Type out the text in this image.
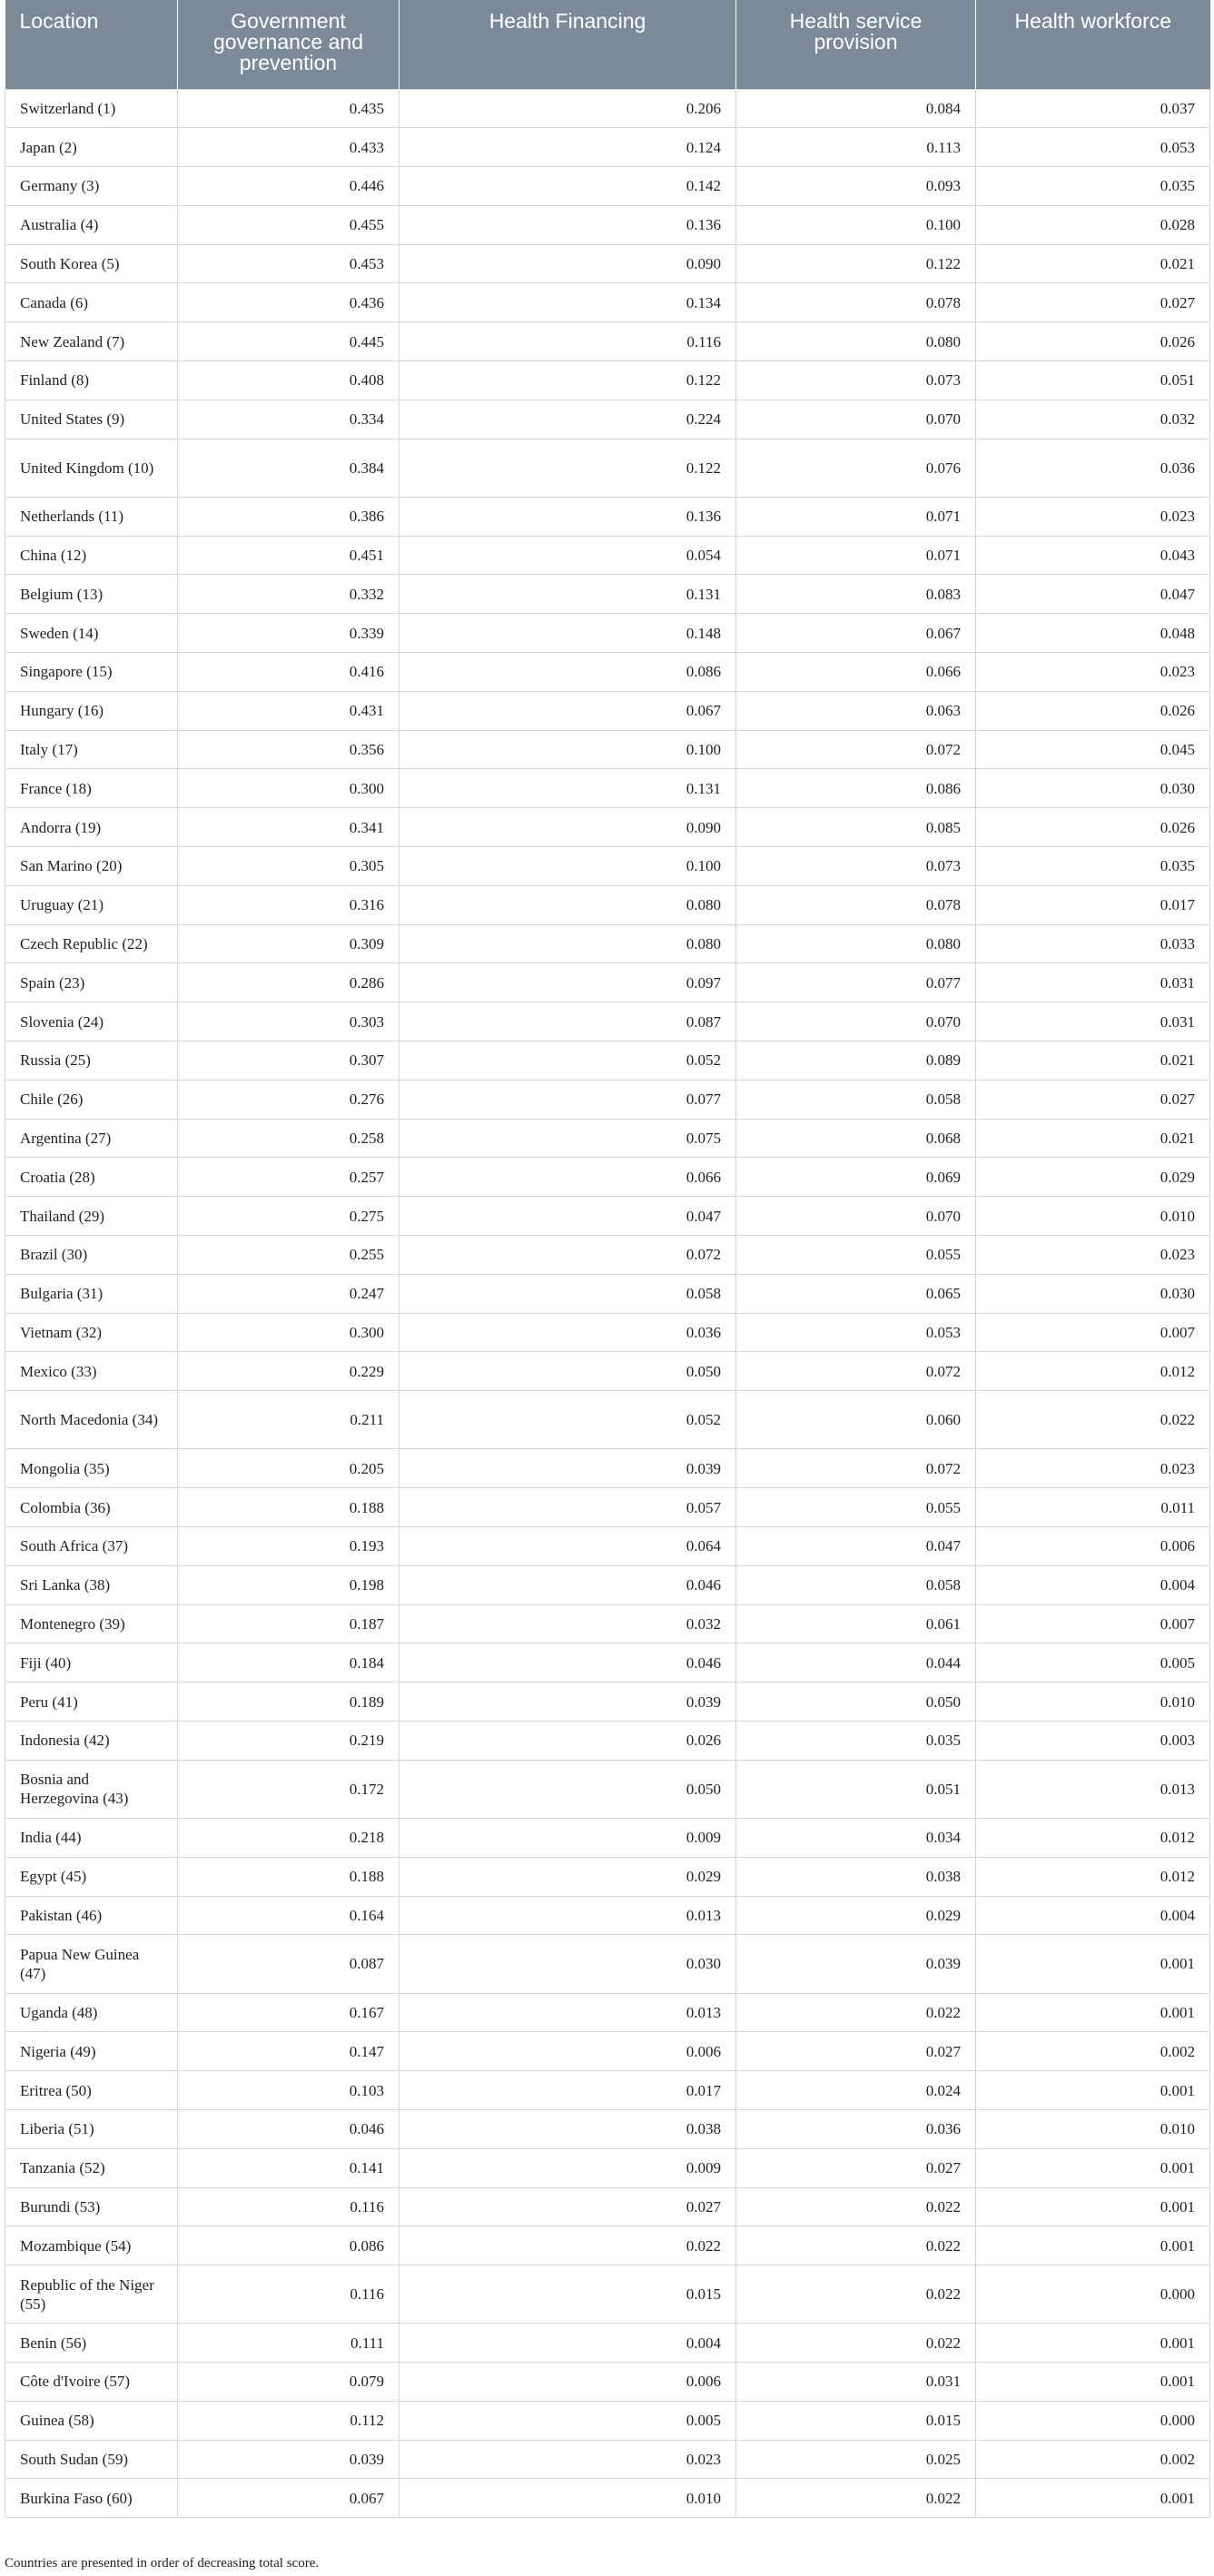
Location	Government governance and prevention	Health Financing	Health service provision	Health workforce
Switzerland (1)	0.435	0.206	0.084	0.037
Japan (2)	0.433	0.124	0.113	0.053
Germany (3)	0.446	0.142	0.093	0.035
Australia (4)	0.455	0.136	0.100	0.028
South Korea (5)	0.453	0.090	0.122	0.021
Canada (6)	0.436	0.134	0.078	0.027
New Zealand (7)	0.445	0.116	0.080	0.026
Finland (8)	0.408	0.122	0.073	0.051
United States (9)	0.334	0.224	0.070	0.032
United Kingdom (10)	0.384	0.122	0.076	0.036
Netherlands (11)	0.386	0.136	0.071	0.023
China (12)	0.451	0.054	0.071	0.043
Belgium (13)	0.332	0.131	0.083	0.047
Sweden (14)	0.339	0.148	0.067	0.048
Singapore (15)	0.416	0.086	0.066	0.023
Hungary (16)	0.431	0.067	0.063	0.026
Italy (17)	0.356	0.100	0.072	0.045
France (18)	0.300	0.131	0.086	0.030
Andorra (19)	0.341	0.090	0.085	0.026
San Marino (20)	0.305	0.100	0.073	0.035
Uruguay (21)	0.316	0.080	0.078	0.017
Czech Republic (22)	0.309	0.080	0.080	0.033
Spain (23)	0.286	0.097	0.077	0.031
Slovenia (24)	0.303	0.087	0.070	0.031
Russia (25)	0.307	0.052	0.089	0.021
Chile (26)	0.276	0.077	0.058	0.027
Argentina (27)	0.258	0.075	0.068	0.021
Croatia (28)	0.257	0.066	0.069	0.029
Thailand (29)	0.275	0.047	0.070	0.010
Brazil (30)	0.255	0.072	0.055	0.023
Bulgaria (31)	0.247	0.058	0.065	0.030
Vietnam (32)	0.300	0.036	0.053	0.007
Mexico (33)	0.229	0.050	0.072	0.012
North Macedonia (34)	0.211	0.052	0.060	0.022
Mongolia (35)	0.205	0.039	0.072	0.023
Colombia (36)	0.188	0.057	0.055	0.011
South Africa (37)	0.193	0.064	0.047	0.006
Sri Lanka (38)	0.198	0.046	0.058	0.004
Montenegro (39)	0.187	0.032	0.061	0.007
Fiji (40)	0.184	0.046	0.044	0.005
Peru (41)	0.189	0.039	0.050	0.010
Indonesia (42)	0.219	0.026	0.035	0.003
Bosnia and Herzegovina (43)	0.172	0.050	0.051	0.013
India (44)	0.218	0.009	0.034	0.012
Egypt (45)	0.188	0.029	0.038	0.012
Pakistan (46)	0.164	0.013	0.029	0.004
Papua New Guinea (47)	0.087	0.030	0.039	0.001
Uganda (48)	0.167	0.013	0.022	0.001
Nigeria (49)	0.147	0.006	0.027	0.002
Eritrea (50)	0.103	0.017	0.024	0.001
Liberia (51)	0.046	0.038	0.036	0.010
Tanzania (52)	0.141	0.009	0.027	0.001
Burundi (53)	0.116	0.027	0.022	0.001
Mozambique (54)	0.086	0.022	0.022	0.001
Republic of the Niger (55)	0.116	0.015	0.022	0.000
Benin (56)	0.111	0.004	0.022	0.001
Côte d'Ivoire (57)	0.079	0.006	0.031	0.001
Guinea (58)	0.112	0.005	0.015	0.000
South Sudan (59)	0.039	0.023	0.025	0.002
Burkina Faso (60)	0.067	0.010	0.022	0.001
Countries are presented in order of decreasing total score.
